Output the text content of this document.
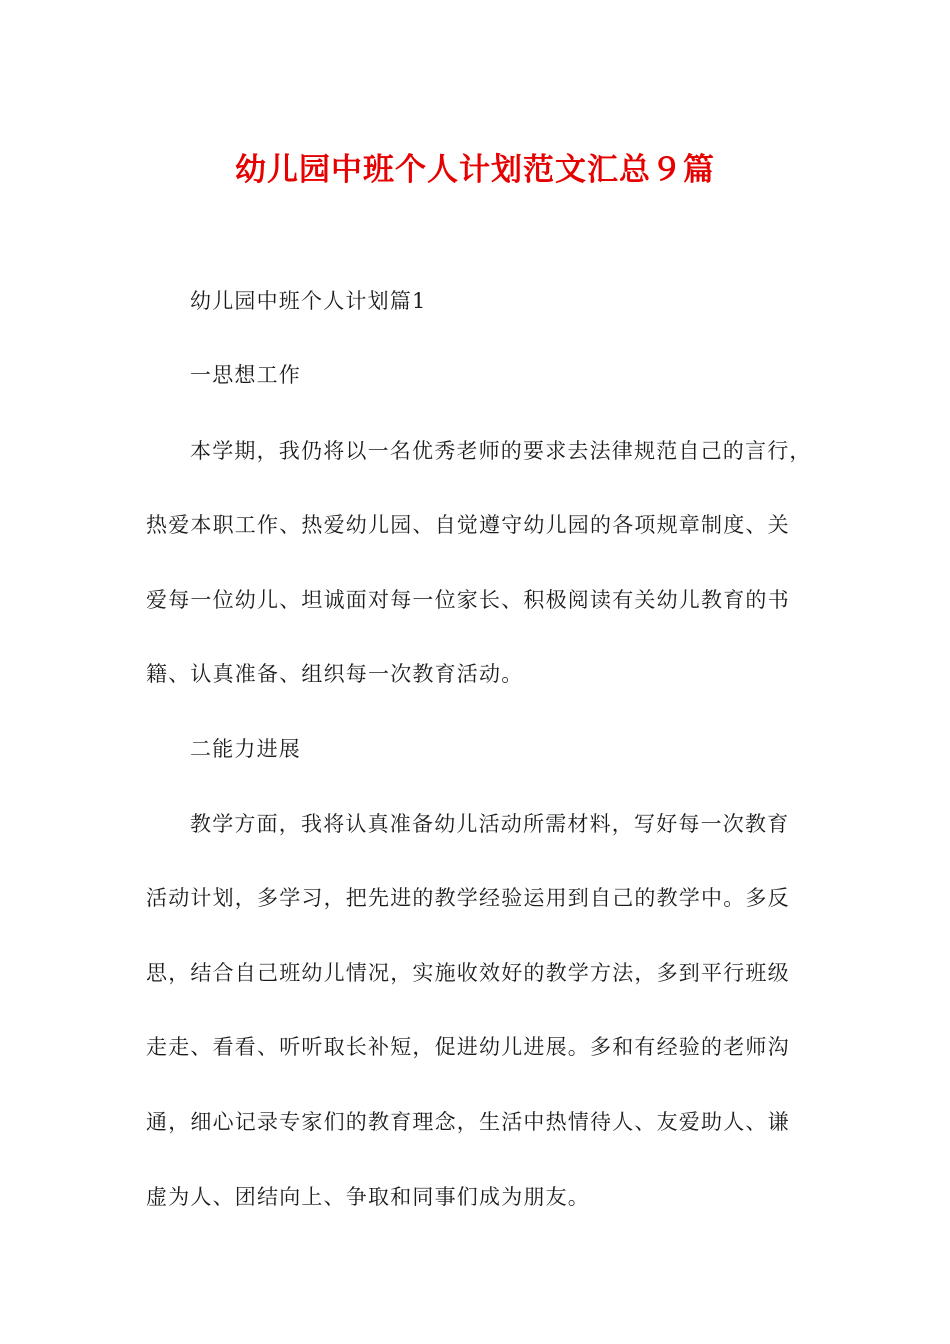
幼儿园中班个人计划范文汇总９篇
幼儿园中班个人计划篇1
一思想工作
本学期，我仍将以一名优秀老师的要求去法律规范自己的言行，
热爱本职工作、热爱幼儿园、自觉遵守幼儿园的各项规章制度、关
爱每一位幼儿、坦诚面对每一位家长、积极阅读有关幼儿教育的书
籍、认真准备、组织每一次教育活动。
二能力进展
教学方面，我将认真准备幼儿活动所需材料，写好每一次教育
活动计划，多学习，把先进的教学经验运用到自己的教学中。多反
思，结合自己班幼儿情况，实施收效好的教学方法，多到平行班级
走走、看看、听听取长补短，促进幼儿进展。多和有经验的老师沟
通，细心记录专家们的教育理念，生活中热情待人、友爱助人、谦
虚为人、团结向上、争取和同事们成为朋友。
